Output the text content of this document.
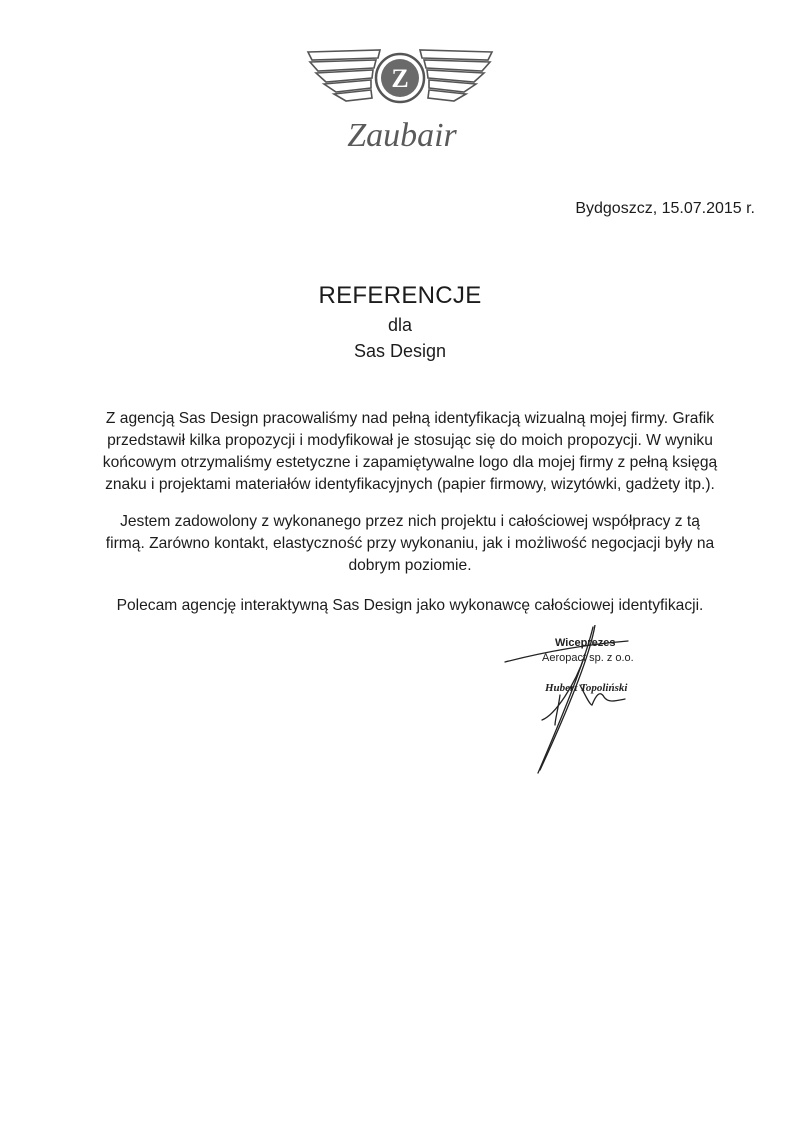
Z
Zaubair
Bydgoszcz, 15.07.2015 r.
REFERENCJE

dla

Sas Design

Z agencją Sas Design pracowaliśmy nad pełną identyfikacją wizualną mojej firmy. Grafik przedstawił kilka propozycji i modyfikował je stosując się do moich propozycji. W wyniku końcowym otrzymaliśmy estetyczne i zapamiętywalne logo dla mojej firmy z pełną księgą znaku i projektami materiałów identyfikacyjnych (papier firmowy, wizytówki, gadżety itp.).

Jestem zadowolony z wykonanego przez nich projektu i całościowej współpracy z tą firmą. Zarówno kontakt, elastyczność przy wykonaniu, jak i możliwość negocjacji były na dobrym poziomie.

Polecam agencję interaktywną Sas Design jako wykonawcę całościowej identyfikacji.

Wiceprezes
Aeropact sp. z o.o.
Hubert Topoliński
